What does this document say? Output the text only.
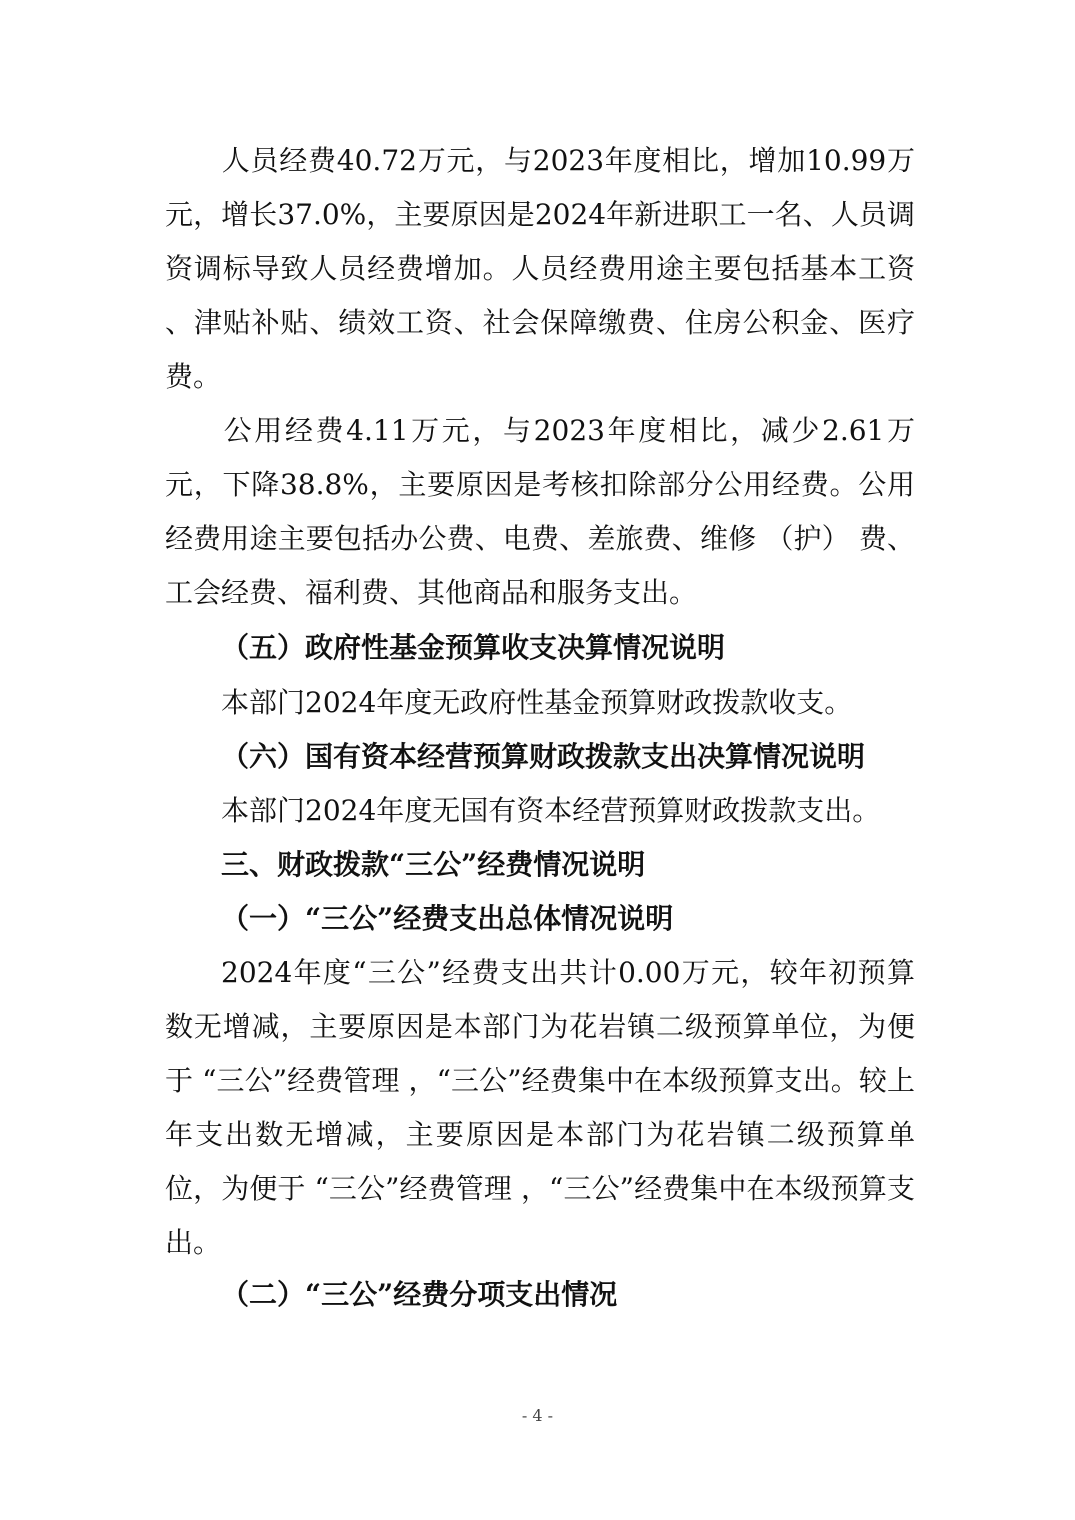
人员经费40.72万元，与2023年度相比，增加10.99万元，增长37.0%，主要原因是2024年新进职工一名、人员调资调标导致人员经费增加。人员经费用途主要包括基本工资 、津贴补贴、绩效工资、社会保障缴费、住房公积金、医疗费。

公用经费4.11万元，与2023年度相比，减少2.61万元，下降38.8%，主要原因是考核扣除部分公用经费。公用经费用途主要包括办公费、电费、差旅费、维修 （护） 费、工会经费、福利费、其他商品和服务支出。

（五）政府性基金预算收支决算情况说明

本部门2024年度无政府性基金预算财政拨款收支。

（六）国有资本经营预算财政拨款支出决算情况说明

本部门2024年度无国有资本经营预算财政拨款支出。

三、财政拨款“三公”经费情况说明

（一）“三公”经费支出总体情况说明

2024年度“三公”经费支出共计0.00万元，较年初预算数无增减，主要原因是本部门为花岩镇二级预算单位，为便于 “三公”经费管理 ，“三公”经费集中在本级预算支出。较上年支出数无增减，主要原因是本部门为花岩镇二级预算单位，为便于 “三公”经费管理 ，“三公”经费集中在本级预算支出。

（二）“三公”经费分项支出情况

- 4 -
